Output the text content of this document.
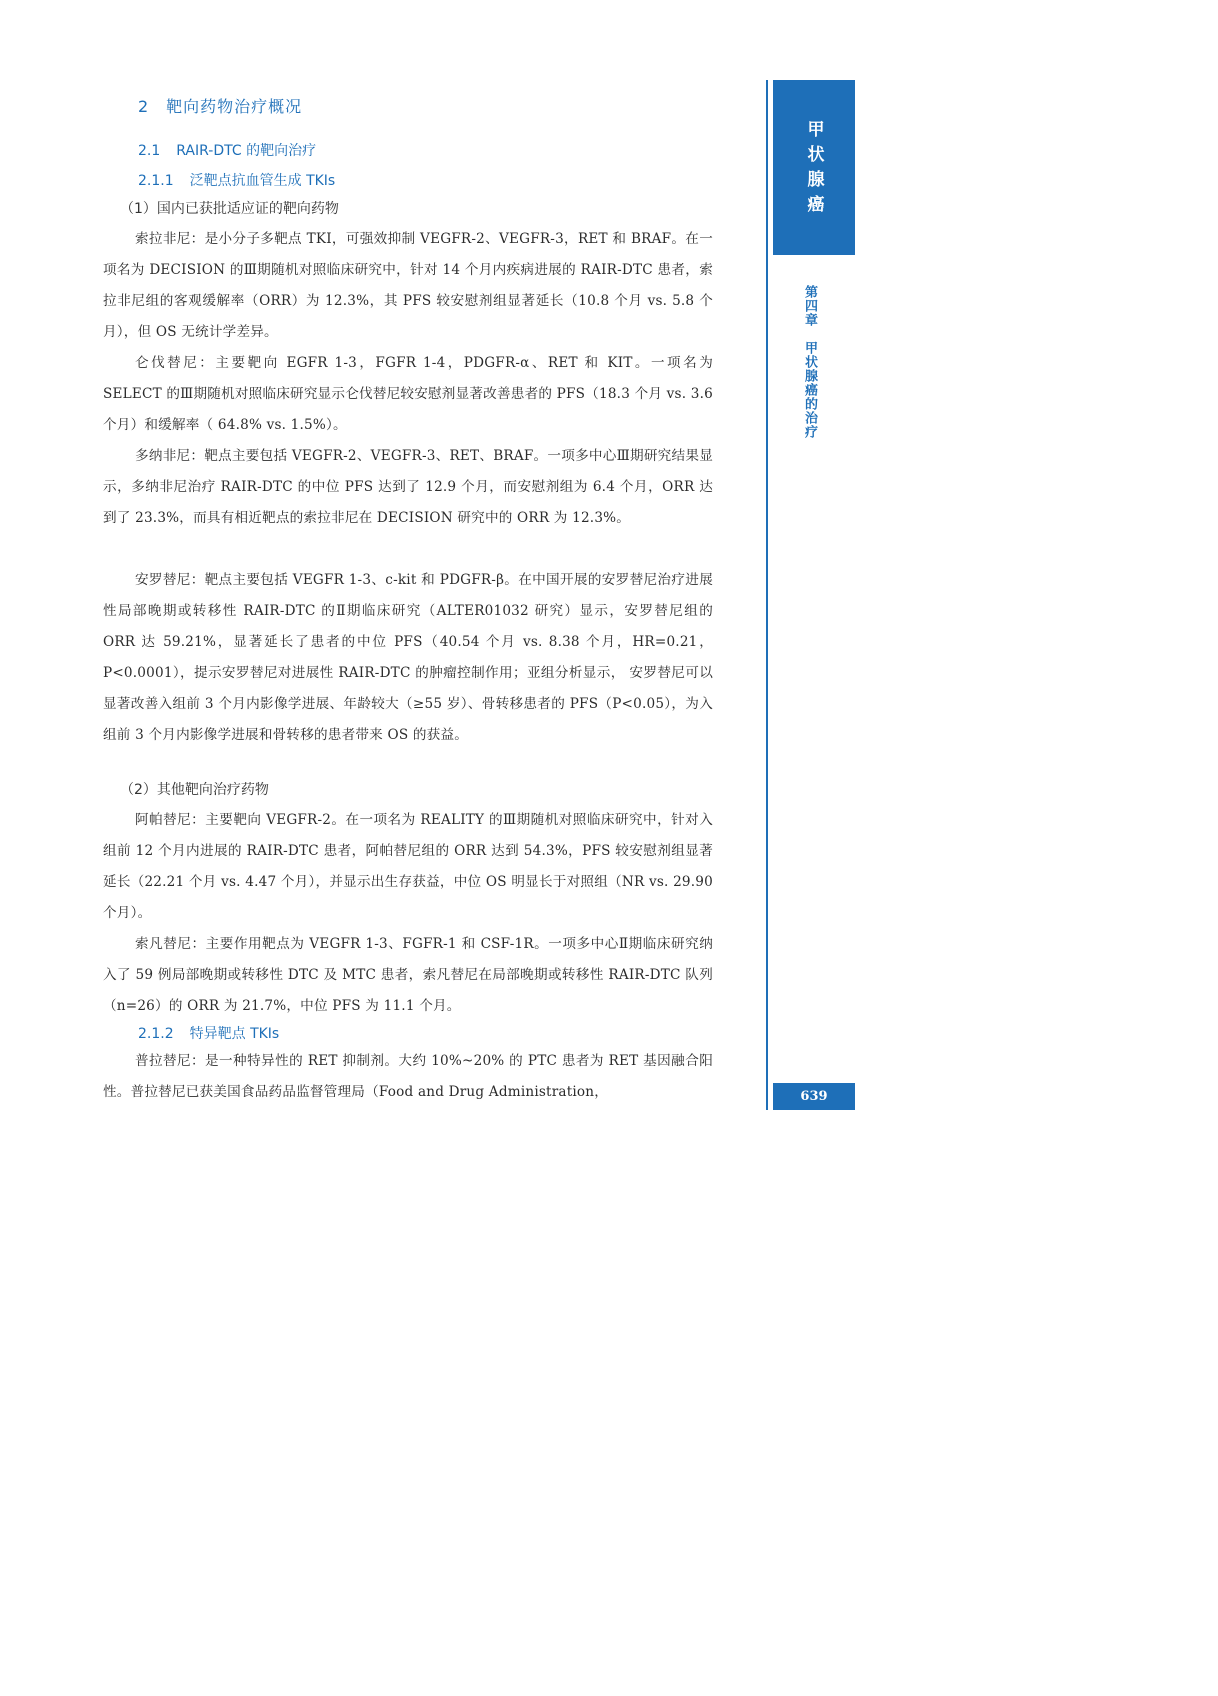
2　靶向药物治疗概况
2.1 RAIR-DTC 的靶向治疗
2.1.1 泛靶点抗血管生成 TKIs

（1）国内已获批适应证的靶向药物

索拉非尼：是小分子多靶点 TKI，可强效抑制 VEGFR-2、VEGFR-3，RET 和 BRAF。在一项名为 DECISION 的Ⅲ期随机对照临床研究中，针对 14 个月内疾病进展的 RAIR-DTC 患者，索拉非尼组的客观缓解率（ORR）为 12.3%，其 PFS 较安慰剂组显著延长（10.8 个月 vs. 5.8 个月），但 OS 无统计学差异。

仑伐替尼：主要靶向 EGFR 1-3，FGFR 1-4，PDGFR-α、RET 和 KIT。一项名为 SELECT 的Ⅲ期随机对照临床研究显示仑伐替尼较安慰剂显著改善患者的 PFS（18.3 个月 vs. 3.6 个月）和缓解率（ 64.8% vs. 1.5%）。

多纳非尼：靶点主要包括 VEGFR-2、VEGFR-3、RET、BRAF。一项多中心Ⅲ期研究结果显示，多纳非尼治疗 RAIR-DTC 的中位 PFS 达到了 12.9 个月，而安慰剂组为 6.4 个月，ORR 达到了 23.3%，而具有相近靶点的索拉非尼在 DECISION 研究中的 ORR 为 12.3%。

安罗替尼：靶点主要包括 VEGFR 1-3、c-kit 和 PDGFR-β。在中国开展的安罗替尼治疗进展性局部晚期或转移性 RAIR-DTC 的Ⅱ期临床研究（ALTER01032 研究）显示，安罗替尼组的 ORR 达 59.21%，显著延长了患者的中位 PFS（40.54 个月 vs. 8.38 个月，HR=0.21，P<0.0001），提示安罗替尼对进展性 RAIR-DTC 的肿瘤控制作用；亚组分析显示， 安罗替尼可以显著改善入组前 3 个月内影像学进展、年龄较大（≥55 岁）、骨转移患者的 PFS（P<0.05），为入组前 3 个月内影像学进展和骨转移的患者带来 OS 的获益。

（2）其他靶向治疗药物

阿帕替尼：主要靶向 VEGFR-2。在一项名为 REALITY 的Ⅲ期随机对照临床研究中，针对入组前 12 个月内进展的 RAIR-DTC 患者，阿帕替尼组的 ORR 达到 54.3%，PFS 较安慰剂组显著延长（22.21 个月 vs. 4.47 个月），并显示出生存获益，中位 OS 明显长于对照组（NR vs. 29.90 个月）。

索凡替尼：主要作用靶点为 VEGFR 1-3、FGFR-1 和 CSF-1R。一项多中心Ⅱ期临床研究纳入了 59 例局部晚期或转移性 DTC 及 MTC 患者，索凡替尼在局部晚期或转移性 RAIR-DTC 队列（n=26）的 ORR 为 21.7%，中位 PFS 为 11.1 个月。

2.1.2 特异靶点 TKIs

普拉替尼：是一种特异性的 RET 抑制剂。大约 10%~20% 的 PTC 患者为 RET 基因融合阳性。普拉替尼已获美国食品药品监督管理局（Food and Drug Administration，

甲状腺癌
第四章　甲状腺癌的治疗
639
